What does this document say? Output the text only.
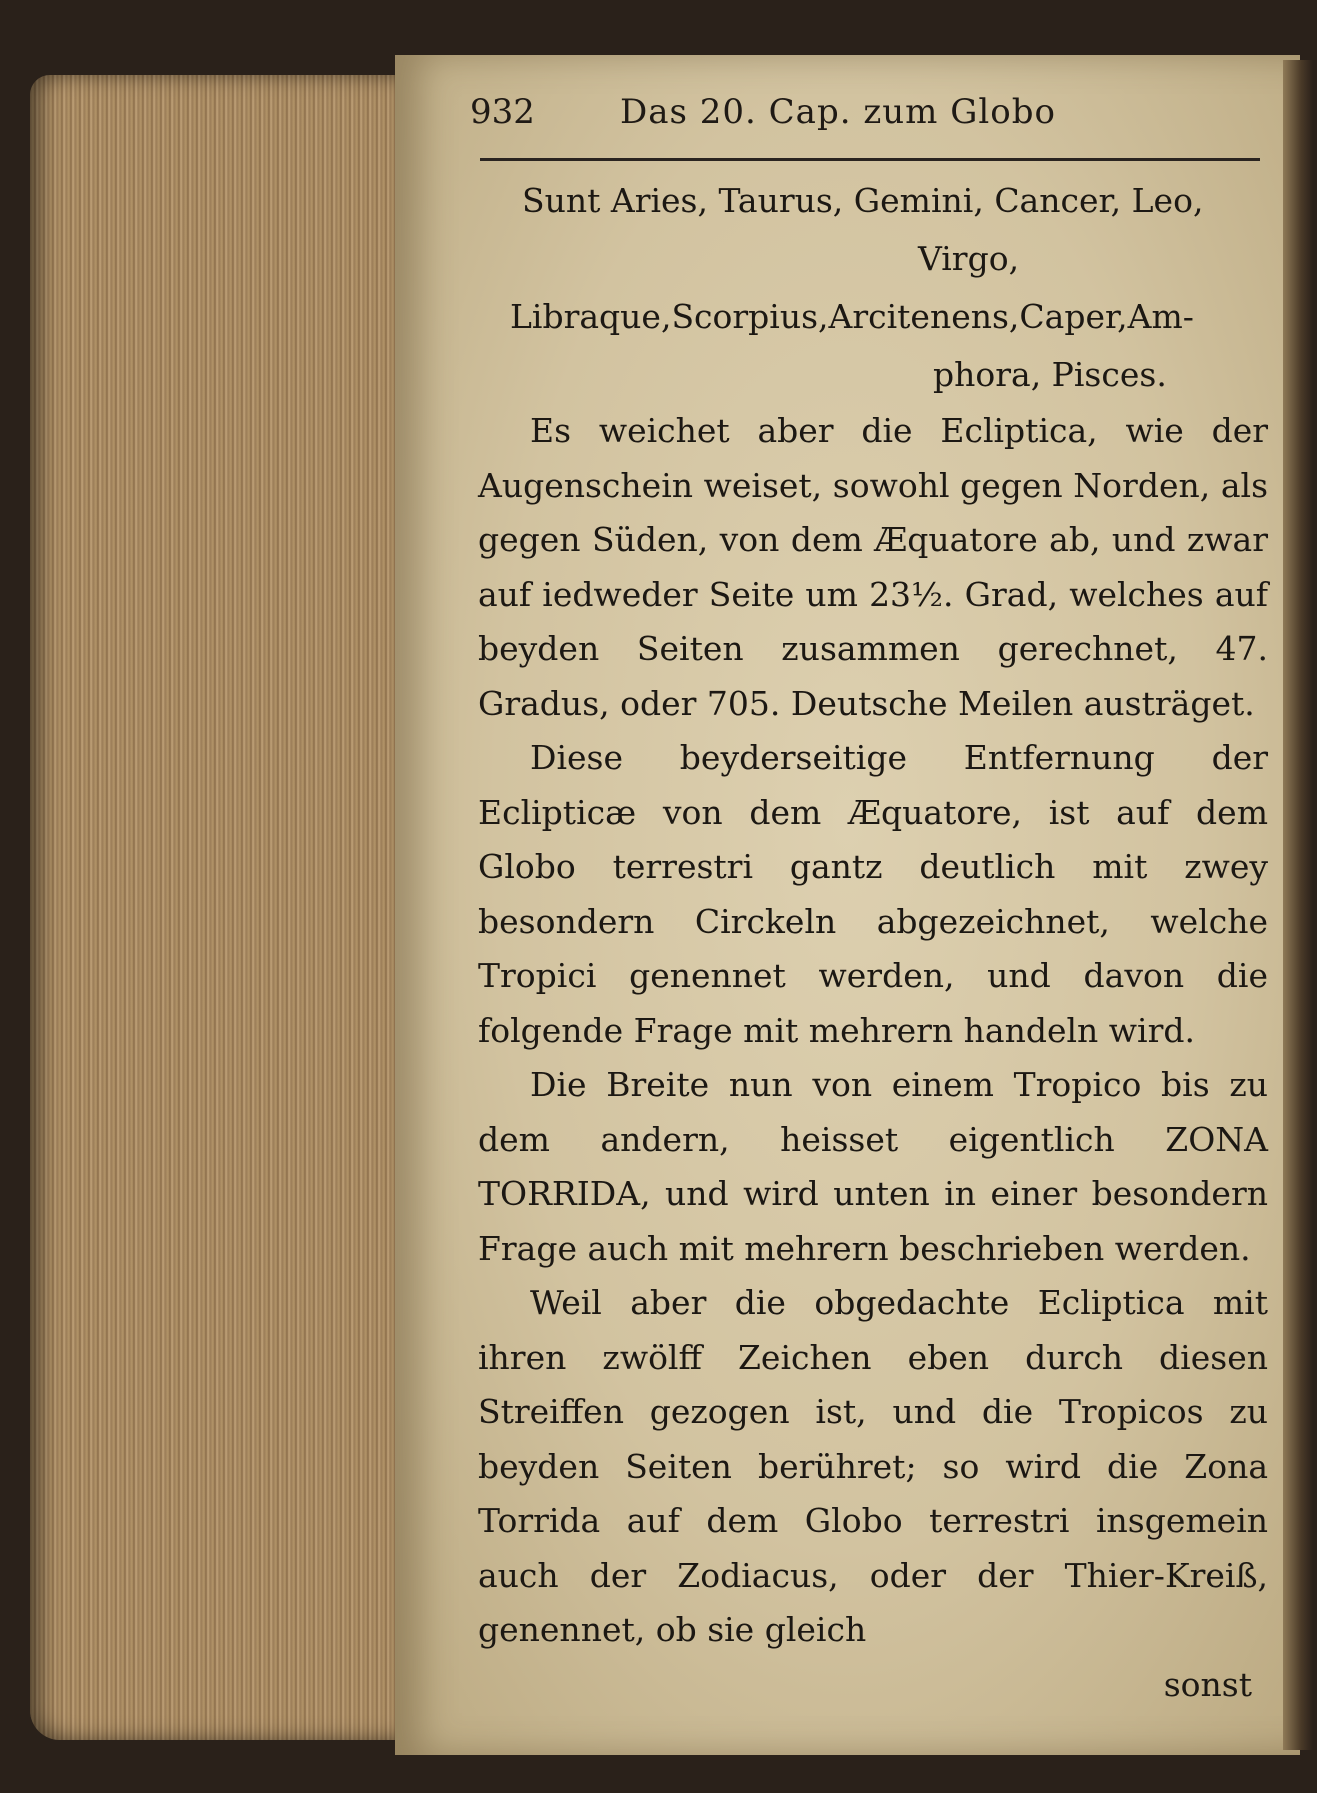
932	Das 20. Cap. zum Globo
Sunt Aries, Taurus, Gemini, Cancer, Leo,
Virgo,
Libraque,Scorpius,Arcitenens,Caper,Am-
phora, Pisces.

Es weichet aber die Ecliptica, wie der Augenschein weiset, sowohl gegen Norden, als gegen Süden, von dem Æquatore ab, und zwar auf iedweder Seite um 23½. Grad, welches auf beyden Seiten zusammen gerechnet, 47. Gradus, oder 705. Deutsche Meilen austräget.

Diese beyderseitige Entfernung der Eclipticæ von dem Æquatore, ist auf dem Globo terrestri gantz deutlich mit zwey besondern Circkeln abgezeichnet, welche Tropici genennet werden, und davon die folgende Frage mit mehrern handeln wird.

Die Breite nun von einem Tropico bis zu dem andern, heisset eigentlich ZONA TORRIDA, und wird unten in einer besondern Frage auch mit mehrern beschrieben werden.

Weil aber die obgedachte Ecliptica mit ihren zwölff Zeichen eben durch diesen Streiffen gezogen ist, und die Tropicos zu beyden Seiten berühret; so wird die Zona Torrida auf dem Globo terrestri insgemein auch der Zodiacus, oder der Thier-Kreiß, genennet, ob sie gleich

sonst
